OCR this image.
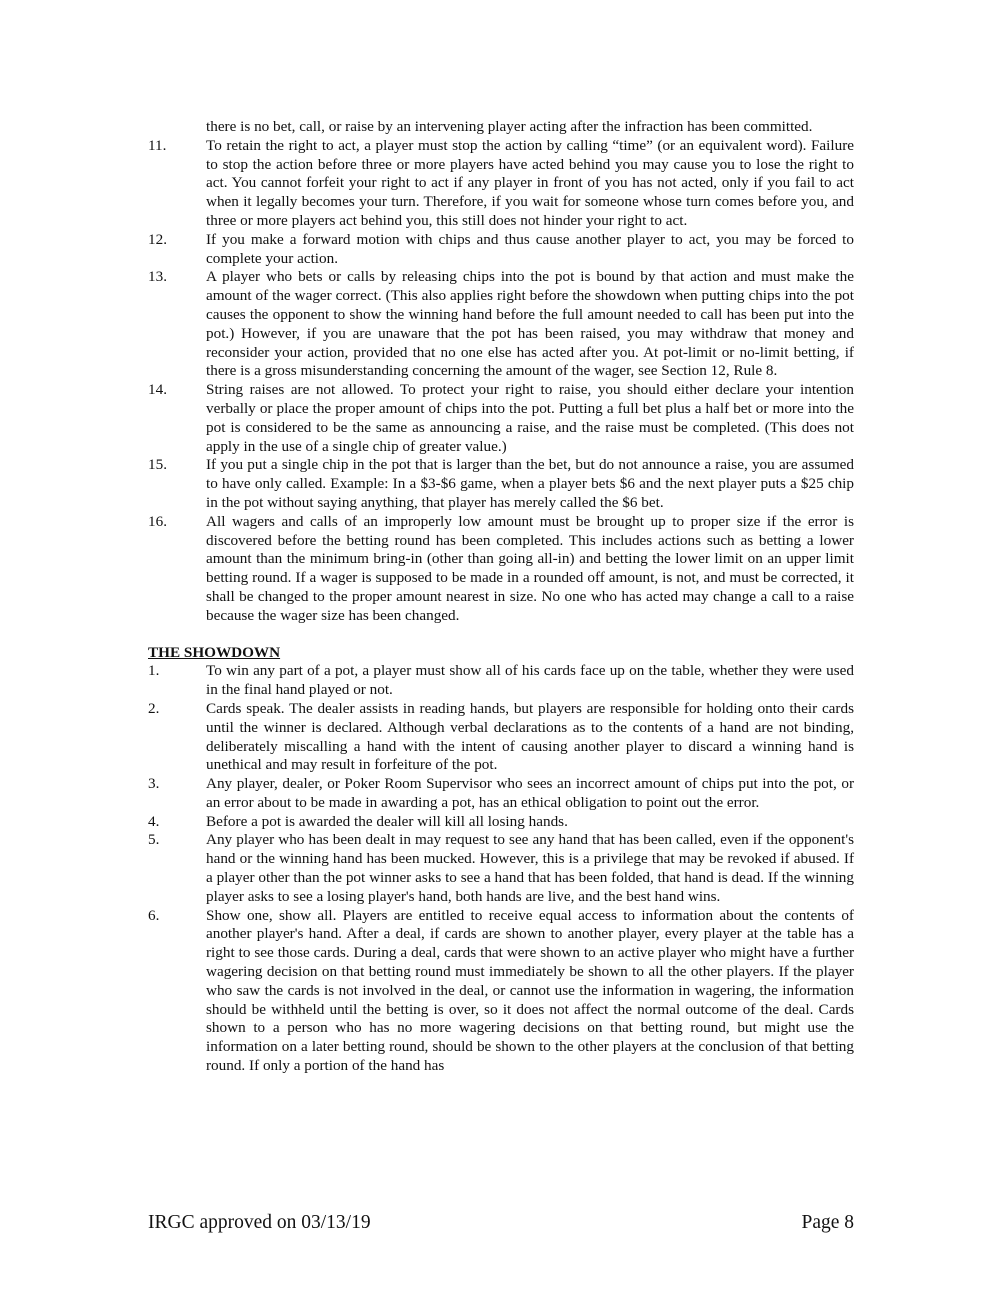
there is no bet, call, or raise by an intervening player acting after the infraction has been committed.
11.	To retain the right to act, a player must stop the action by calling “time” (or an equivalent word). Failure to stop the action before three or more players have acted behind you may cause you to lose the right to act. You cannot forfeit your right to act if any player in front of you has not acted, only if you fail to act when it legally becomes your turn. Therefore, if you wait for someone whose turn comes before you, and three or more players act behind you, this still does not hinder your right to act.
12.	If you make a forward motion with chips and thus cause another player to act, you may be forced to complete your action.
13.	A player who bets or calls by releasing chips into the pot is bound by that action and must make the amount of the wager correct. (This also applies right before the showdown when putting chips into the pot causes the opponent to show the winning hand before the full amount needed to call has been put into the pot.) However, if you are unaware that the pot has been raised, you may withdraw that money and reconsider your action, provided that no one else has acted after you. At pot-limit or no-limit betting, if there is a gross misunderstanding concerning the amount of the wager, see Section 12, Rule 8.
14.	String raises are not allowed. To protect your right to raise, you should either declare your intention verbally or place the proper amount of chips into the pot. Putting a full bet plus a half bet or more into the pot is considered to be the same as announcing a raise, and the raise must be completed. (This does not apply in the use of a single chip of greater value.)
15.	If you put a single chip in the pot that is larger than the bet, but do not announce a raise, you are assumed to have only called. Example: In a $3-$6 game, when a player bets $6 and the next player puts a $25 chip in the pot without saying anything, that player has merely called the $6 bet.
16.	All wagers and calls of an improperly low amount must be brought up to proper size if the error is discovered before the betting round has been completed. This includes actions such as betting a lower amount than the minimum bring-in (other than going all-in) and betting the lower limit on an upper limit betting round. If a wager is supposed to be made in a rounded off amount, is not, and must be corrected, it shall be changed to the proper amount nearest in size. No one who has acted may change a call to a raise because the wager size has been changed.
THE SHOWDOWN
1.	To win any part of a pot, a player must show all of his cards face up on the table, whether they were used in the final hand played or not.
2.	Cards speak. The dealer assists in reading hands, but players are responsible for holding onto their cards until the winner is declared. Although verbal declarations as to the contents of a hand are not binding, deliberately miscalling a hand with the intent of causing another player to discard a winning hand is unethical and may result in forfeiture of the pot.
3.	Any player, dealer, or Poker Room Supervisor who sees an incorrect amount of chips put into the pot, or an error about to be made in awarding a pot, has an ethical obligation to point out the error.
4.	Before a pot is awarded the dealer will kill all losing hands.
5.	Any player who has been dealt in may request to see any hand that has been called, even if the opponent's hand or the winning hand has been mucked. However, this is a privilege that may be revoked if abused. If a player other than the pot winner asks to see a hand that has been folded, that hand is dead. If the winning player asks to see a losing player's hand, both hands are live, and the best hand wins.
6.	Show one, show all. Players are entitled to receive equal access to information about the contents of another player's hand. After a deal, if cards are shown to another player, every player at the table has a right to see those cards. During a deal, cards that were shown to an active player who might have a further wagering decision on that betting round must immediately be shown to all the other players. If the player who saw the cards is not involved in the deal, or cannot use the information in wagering, the information should be withheld until the betting is over, so it does not affect the normal outcome of the deal. Cards shown to a person who has no more wagering decisions on that betting round, but might use the information on a later betting round, should be shown to the other players at the conclusion of that betting round. If only a portion of the hand has
IRGC approved on 03/13/19	Page 8
